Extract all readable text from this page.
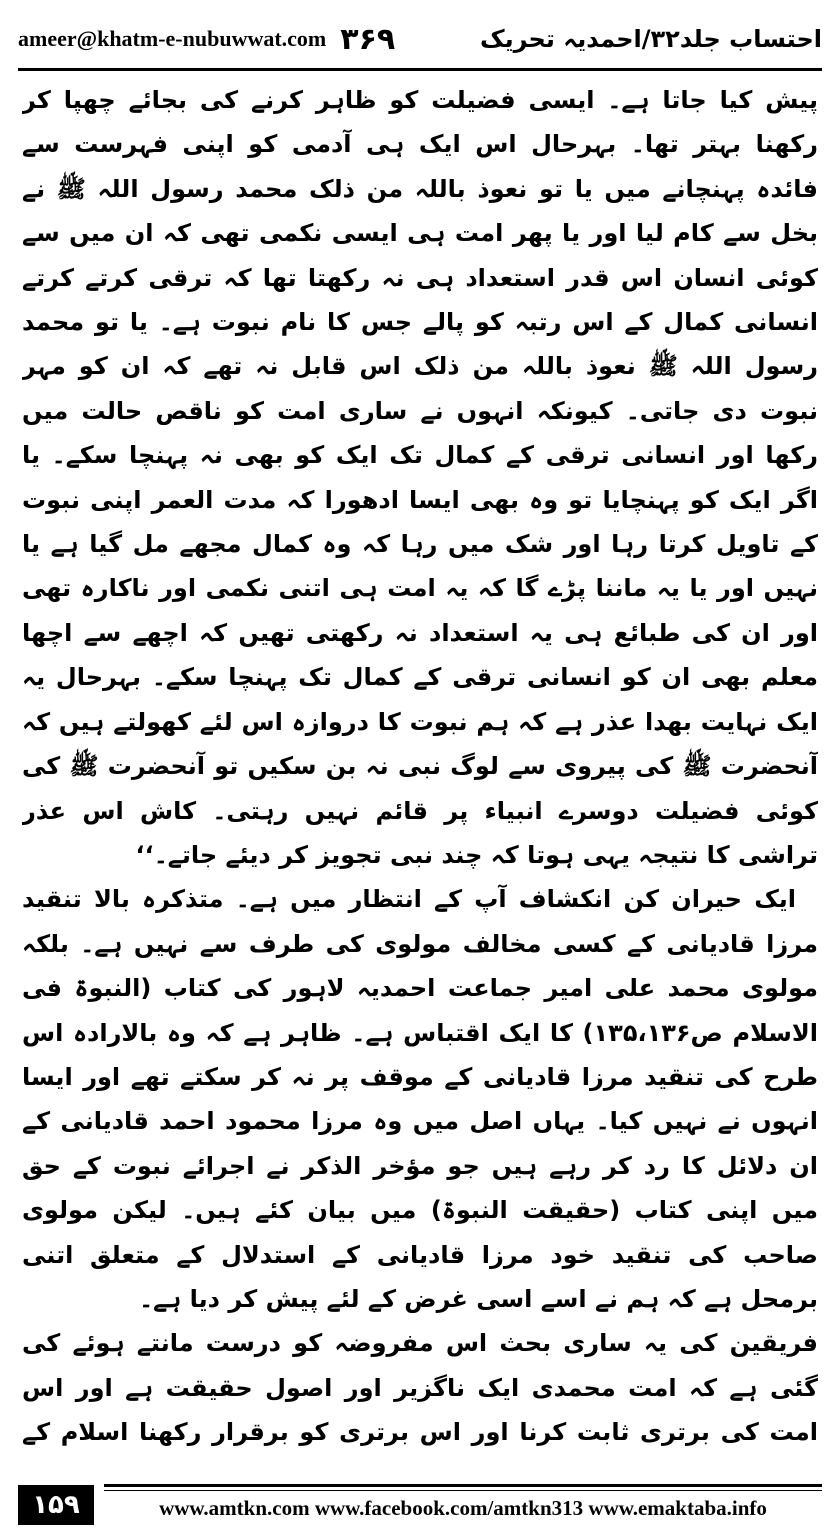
ameer@khatm-e-nubuwwat.com ۳۶۹	احتساب جلد۳۲/احمدیہ تحریک

پیش کیا جاتا ہے۔ ایسی فضیلت کو ظاہر کرنے کی بجائے چھپا کر رکھنا بہتر تھا۔ بہرحال اس ایک ہی آدمی کو اپنی فہرست سے فائدہ پہنچانے میں یا تو نعوذ باللہ من ذلک محمد رسول اللہ ﷺ نے بخل سے کام لیا اور یا پھر امت ہی ایسی نکمی تھی کہ ان میں سے کوئی انسان اس قدر استعداد ہی نہ رکھتا تھا کہ ترقی کرتے کرتے انسانی کمال کے اس رتبہ کو پالے جس کا نام نبوت ہے۔ یا تو محمد رسول اللہ ﷺ نعوذ باللہ من ذلک اس قابل نہ تھے کہ ان کو مہر نبوت دی جاتی۔ کیونکہ انہوں نے ساری امت کو ناقص حالت میں رکھا اور انسانی ترقی کے کمال تک ایک کو بھی نہ پہنچا سکے۔ یا اگر ایک کو پہنچایا تو وہ بھی ایسا ادھورا کہ مدت العمر اپنی نبوت کے تاویل کرتا رہا اور شک میں رہا کہ وہ کمال مجھے مل گیا ہے یا نہیں اور یا یہ ماننا پڑے گا کہ یہ امت ہی اتنی نکمی اور ناکارہ تھی اور ان کی طبائع ہی یہ استعداد نہ رکھتی تھیں کہ اچھے سے اچھا معلم بھی ان کو انسانی ترقی کے کمال تک پہنچا سکے۔ بہرحال یہ ایک نہایت بھدا عذر ہے کہ ہم نبوت کا دروازہ اس لئے کھولتے ہیں کہ آنحضرت ﷺ کی پیروی سے لوگ نبی نہ بن سکیں تو آنحضرت ﷺ کی کوئی فضیلت دوسرے انبیاء پر قائم نہیں رہتی۔ کاش اس عذر تراشی کا نتیجہ یہی ہوتا کہ چند نبی تجویز کر دیئے جاتے۔‘‘

ایک حیران کن انکشاف آپ کے انتظار میں ہے۔ متذکرہ بالا تنقید مرزا قادیانی کے کسی مخالف مولوی کی طرف سے نہیں ہے۔ بلکہ مولوی محمد علی امیر جماعت احمدیہ لاہور کی کتاب (النبوۃ فی الاسلام ص۱۳۵،۱۳۶) کا ایک اقتباس ہے۔ ظاہر ہے کہ وہ بالارادہ اس طرح کی تنقید مرزا قادیانی کے موقف پر نہ کر سکتے تھے اور ایسا انہوں نے نہیں کیا۔ یہاں اصل میں وہ مرزا محمود احمد قادیانی کے ان دلائل کا رد کر رہے ہیں جو مؤخر الذکر نے اجرائے نبوت کے حق میں اپنی کتاب (حقیقت النبوۃ) میں بیان کئے ہیں۔ لیکن مولوی صاحب کی تنقید خود مرزا قادیانی کے استدلال کے متعلق اتنی برمحل ہے کہ ہم نے اسے اسی غرض کے لئے پیش کر دیا ہے۔

فریقین کی یہ ساری بحث اس مفروضہ کو درست مانتے ہوئے کی گئی ہے کہ امت محمدی ایک ناگزیر اور اصول حقیقت ہے اور اس امت کی برتری ثابت کرنا اور اس برتری کو برقرار رکھنا اسلام کے

۱۵۹	www.amtkn.com www.facebook.com/amtkn313 www.emaktaba.info
